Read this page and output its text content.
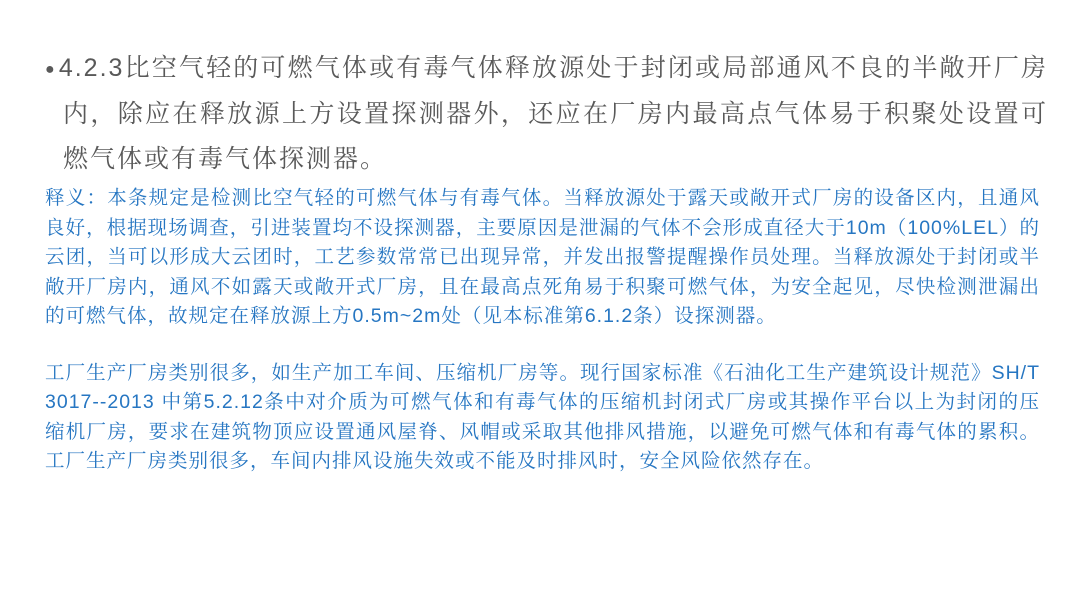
● 4.2.3比空气轻的可燃气体或有毒气体释放源处于封闭或局部通风不良的半敞开厂房内，除应在释放源上方设置探测器外，还应在厂房内最高点气体易于积聚处设置可燃气体或有毒气体探测器。

释义：本条规定是检测比空气轻的可燃气体与有毒气体。当释放源处于露天或敞开式厂房的设备区内，且通风良好，根据现场调查，引进装置均不设探测器，主要原因是泄漏的气体不会形成直径大于10m（100%LEL）的云团，当可以形成大云团时，工艺参数常常已出现异常，并发出报警提醒操作员处理。当释放源处于封闭或半敞开厂房内，通风不如露天或敞开式厂房，且在最高点死角易于积聚可燃气体，为安全起见，尽快检测泄漏出的可燃气体，故规定在释放源上方0.5m~2m处（见本标准第6.1.2条）设探测器。

工厂生产厂房类别很多，如生产加工车间、压缩机厂房等。现行国家标准《石油化工生产建筑设计规范》SH/T 3017--2013 中第5.2.12条中对介质为可燃气体和有毒气体的压缩机封闭式厂房或其操作平台以上为封闭的压缩机厂房，要求在建筑物顶应设置通风屋脊、风帽或采取其他排风措施，以避免可燃气体和有毒气体的累积。工厂生产厂房类别很多，车间内排风设施失效或不能及时排风时，安全风险依然存在。
